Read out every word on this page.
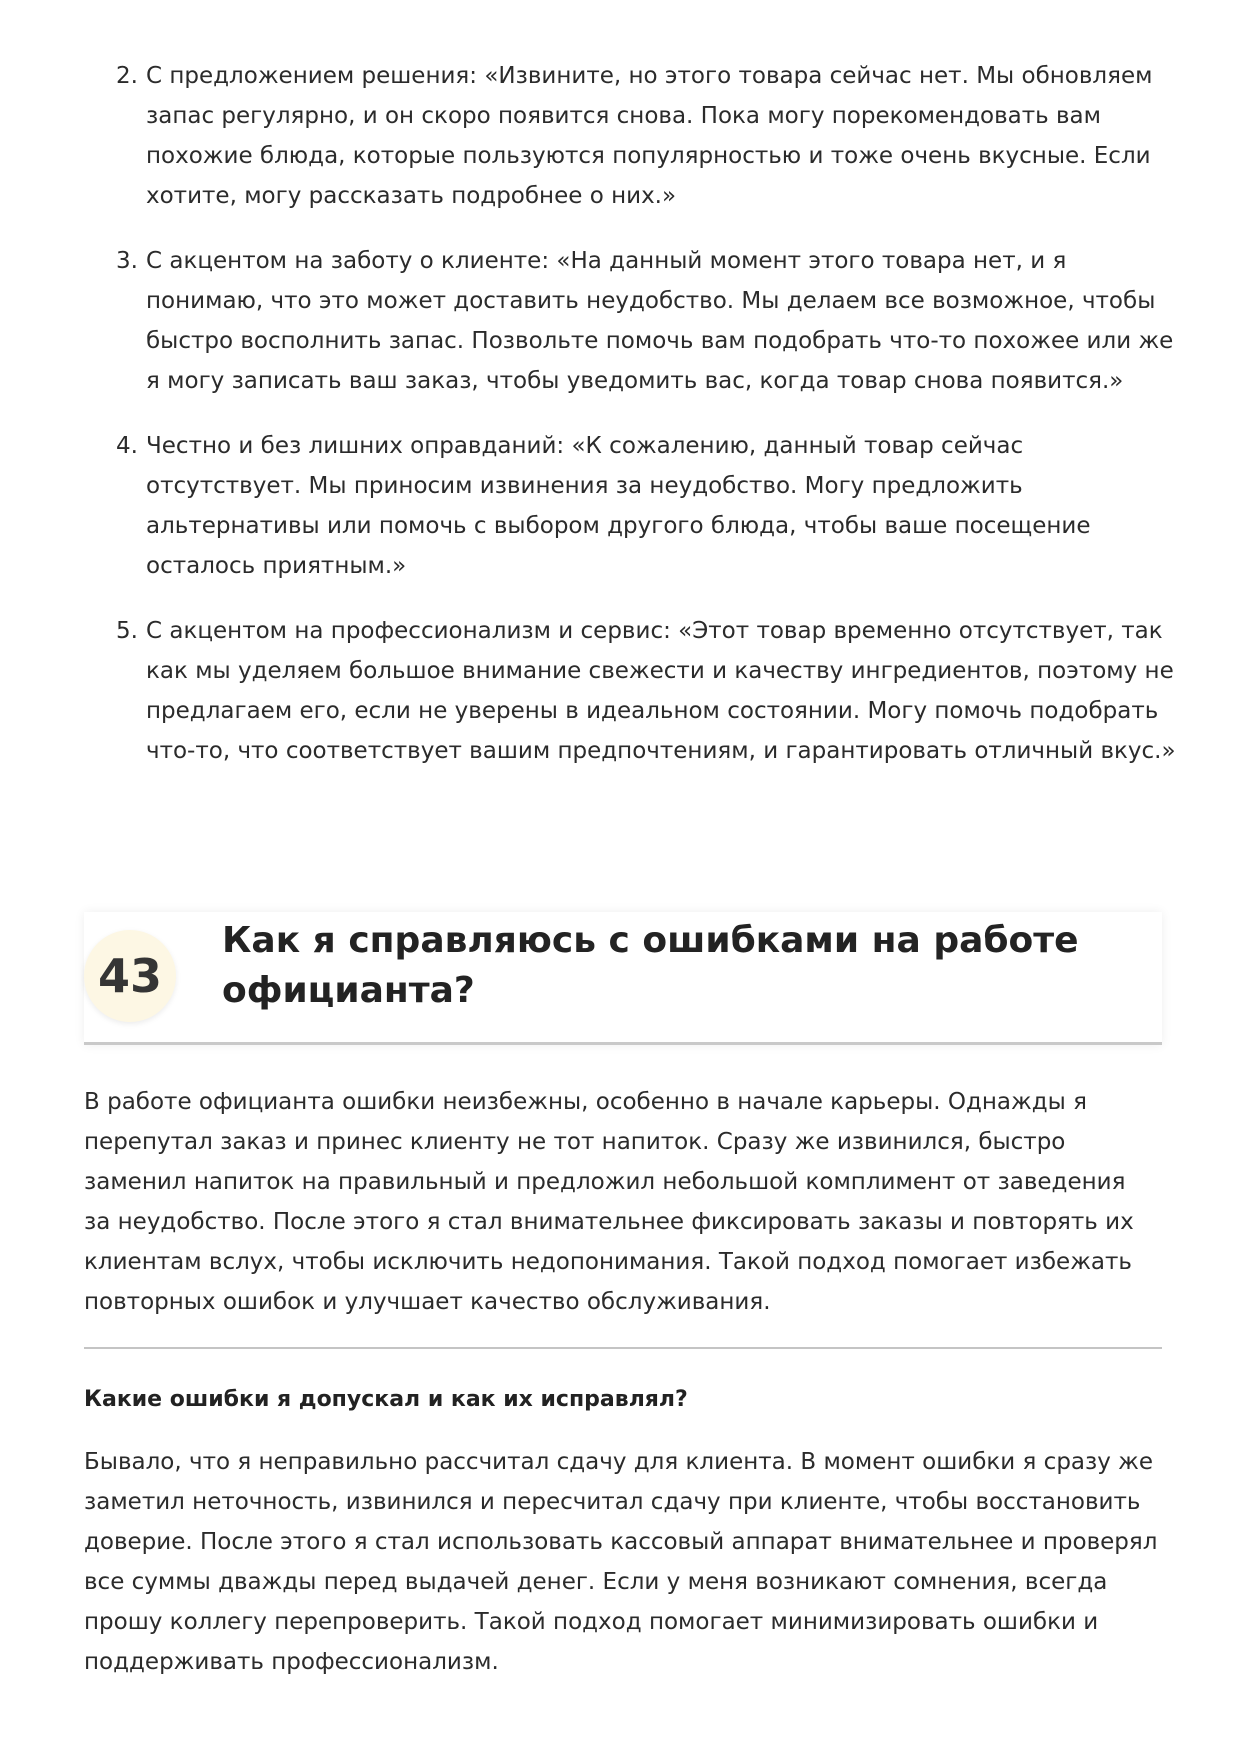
2. С предложением решения: «Извините, но этого товара сейчас нет. Мы обновляем запас регулярно, и он скоро появится снова. Пока могу порекомендовать вам похожие блюда, которые пользуются популярностью и тоже очень вкусные. Если хотите, могу рассказать подробнее о них.»
3. С акцентом на заботу о клиенте: «На данный момент этого товара нет, и я понимаю, что это может доставить неудобство. Мы делаем все возможное, чтобы быстро восполнить запас. Позвольте помочь вам подобрать что-то похожее или же я могу записать ваш заказ, чтобы уведомить вас, когда товар снова появится.»
4. Честно и без лишних оправданий: «К сожалению, данный товар сейчас отсутствует. Мы приносим извинения за неудобство. Могу предложить альтернативы или помочь с выбором другого блюда, чтобы ваше посещение осталось приятным.»
5. С акцентом на профессионализм и сервис: «Этот товар временно отсутствует, так как мы уделяем большое внимание свежести и качеству ингредиентов, поэтому не предлагаем его, если не уверены в идеальном состоянии. Могу помочь подобрать что-то, что соответствует вашим предпочтениям, и гарантировать отличный вкус.»
43
Как я справляюсь с ошибками на работе официанта?

В работе официанта ошибки неизбежны, особенно в начале карьеры. Однажды я перепутал заказ и принес клиенту не тот напиток. Сразу же извинился, быстро заменил напиток на правильный и предложил небольшой комплимент от заведения за неудобство. После этого я стал внимательнее фиксировать заказы и повторять их клиентам вслух, чтобы исключить недопонимания. Такой подход помогает избежать повторных ошибок и улучшает качество обслуживания.

Какие ошибки я допускал и как их исправлял?

Бывало, что я неправильно рассчитал сдачу для клиента. В момент ошибки я сразу же заметил неточность, извинился и пересчитал сдачу при клиенте, чтобы восстановить доверие. После этого я стал использовать кассовый аппарат внимательнее и проверял все суммы дважды перед выдачей денег. Если у меня возникают сомнения, всегда прошу коллегу перепроверить. Такой подход помогает минимизировать ошибки и поддерживать профессионализм.
